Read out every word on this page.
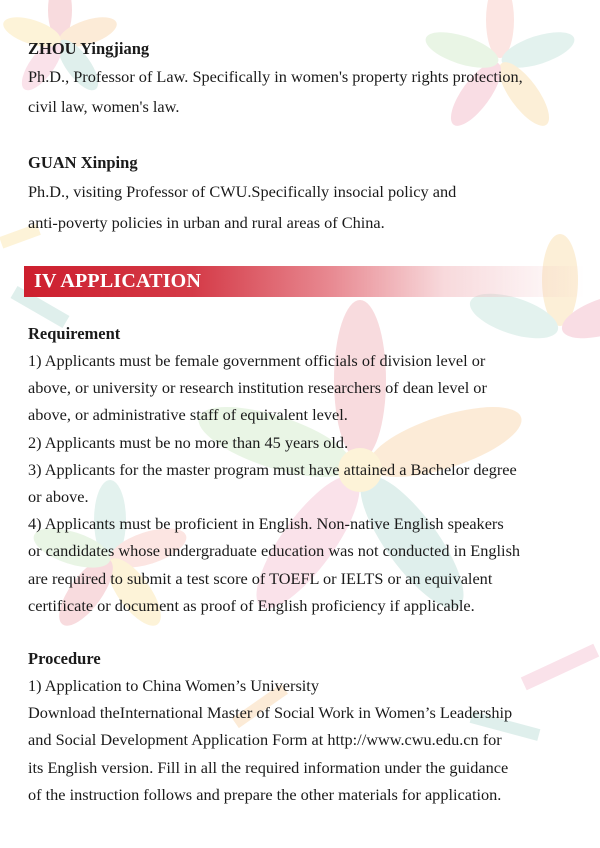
ZHOU Yingjiang

Ph.D., Professor of Law. Specifically in women's property rights protection,

civil law, women's law.

GUAN Xinping

Ph.D., visiting Professor of CWU.Specifically insocial policy and

anti-poverty policies in urban and rural areas of China.

IV APPLICATION
Requirement

1) Applicants must be female government officials of division level or

above, or university or research institution researchers of dean level or

above, or administrative staff of equivalent level.

2) Applicants must be no more than 45 years old.

3) Applicants for the master program must have attained a Bachelor degree

or above.

4) Applicants must be proficient in English. Non-native English speakers

or candidates whose undergraduate education was not conducted in English

are required to submit a test score of TOEFL or IELTS or an equivalent

certificate or document as proof of English proficiency if applicable.

Procedure

1) Application to China Women’s University

Download theInternational Master of Social Work in Women’s Leadership

and Social Development Application Form at http://www.cwu.edu.cn for

its English version. Fill in all the required information under the guidance

of the instruction follows and prepare the other materials for application.
